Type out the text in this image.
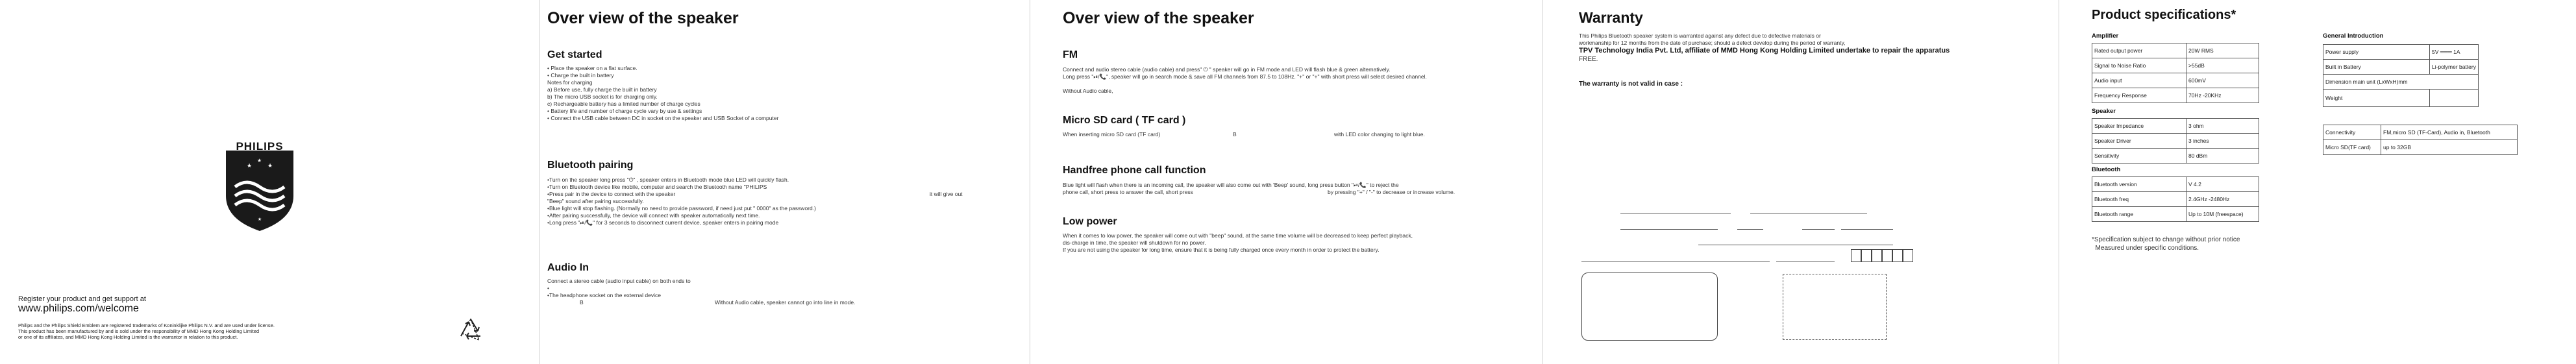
★	★
★
★
PHILIPS
Register your product and get support at
www.philips.com/welcome
Philips and the Philips Shield Emblem are registered trademarks of Koninklijke Philips N.V. and are used under license.
This product has been manufactured by and is sold under the responsibility of MMD Hong Kong Holding Limited
or one of its affiliates, and MMD Hong Kong Holding Limited is the warrantor in relation to this product.
Over view of the speaker
Get started
• Place the speaker on a flat surface.
• Charge the built in battery
Notes for charging
a) Before use, fully charge the built in battery
b) The micro USB socket is for charging only.
c) Rechargeable battery has a limited number of charge cycles
• Battery life and number of charge cycle vary by use & settings
• Connect the USB cable between DC in socket on the speaker and USB Socket of a computer
Bluetooth pairing
•Turn on the speaker long press "⏻" , speaker enters in Bluetooth mode blue LED will quickly flash.
•Turn on Bluetooth device like mobile, computer and search the Bluetooth name "PHILIPS
•Press pair in the device to connect with the speaker	it will give out
"Beep" sound after pairing successfully.
•Blue light will stop flashing. (Normally no need to provide password, if need just put " 0000" as the password.)
•After pairing successfully, the device will connect with speaker automatically next time.
•Long press "⏯/📞" for 3 seconds to disconnect current device, speaker enters in pairing mode
Audio In
Connect a stereo cable (audio input cable) on both ends to
•
•The headphone socket on the external device
B	Without Audio cable, speaker cannot go into line in mode.
Over view of the speaker
FM
Connect and audio stereo cable (audio cable) and press" ⏻ " speaker will go in FM mode and LED will flash blue & green alternatively.
Long press "⏯/📞", speaker will go in search mode & save all FM channels from 87.5 to 108Hz. "+" or "+" with short press will select desired channel.
Without Audio cable,
Micro SD card ( TF card )
When inserting micro SD card (TF card)	B	with LED color changing to light blue.
Handfree phone call function
Blue light will flash when there is an incoming call, the speaker will also come out with 'Beep' sound, long press button "⏯/📞" to reject the
phone call, short press to answer the call, short press	by pressing "+" / "-" to decrease or increase volume.
Low power
When it comes to low power, the speaker will come out with "beep" sound, at the same time volume will be decreased to keep perfect playback,
dis-charge in time, the speaker will shutdown for no power.
If you are not using the speaker for long time, ensure that it is being fully charged once every month in order to protect the battery.
Warranty
This Philips Bluetooth speaker system is warranted against any defect due to defective materials or
workmanship for 12 months from the date of purchase; should a defect develop during the period of warranty,
TPV Technology India Pvt. Ltd, affiliate of MMD Hong Kong Holding Limited undertake to repair the apparatus
FREE.
The warranty is not valid in case :
Product specifications*
Amplifier
Rated output power	20W RMS
Signal to Noise Ratio	>55dB
Audio input	600mV
Frequency Response	70Hz -20KHz
Speaker
Speaker Impedance	3 ohm
Speaker Driver	3 inches
Sensitivity	80 dBm
Bluetooth
Bluetooth version	V 4.2
Bluetooth freq	2.4GHz -2480Hz
Bluetooth range	Up to 10M (freespace)
General Introduction
Power supply	5V ═══ 1A
Built in Battery	Li-polymer battery
Dimension main unit (LxWxH)mm	
Weight	
Connectivity	FM,micro SD (TF-Card), Audio in, Bluetooth
Micro SD(TF card)	up to 32GB
*Specification subject to change without prior notice
Measured under specific conditions.
